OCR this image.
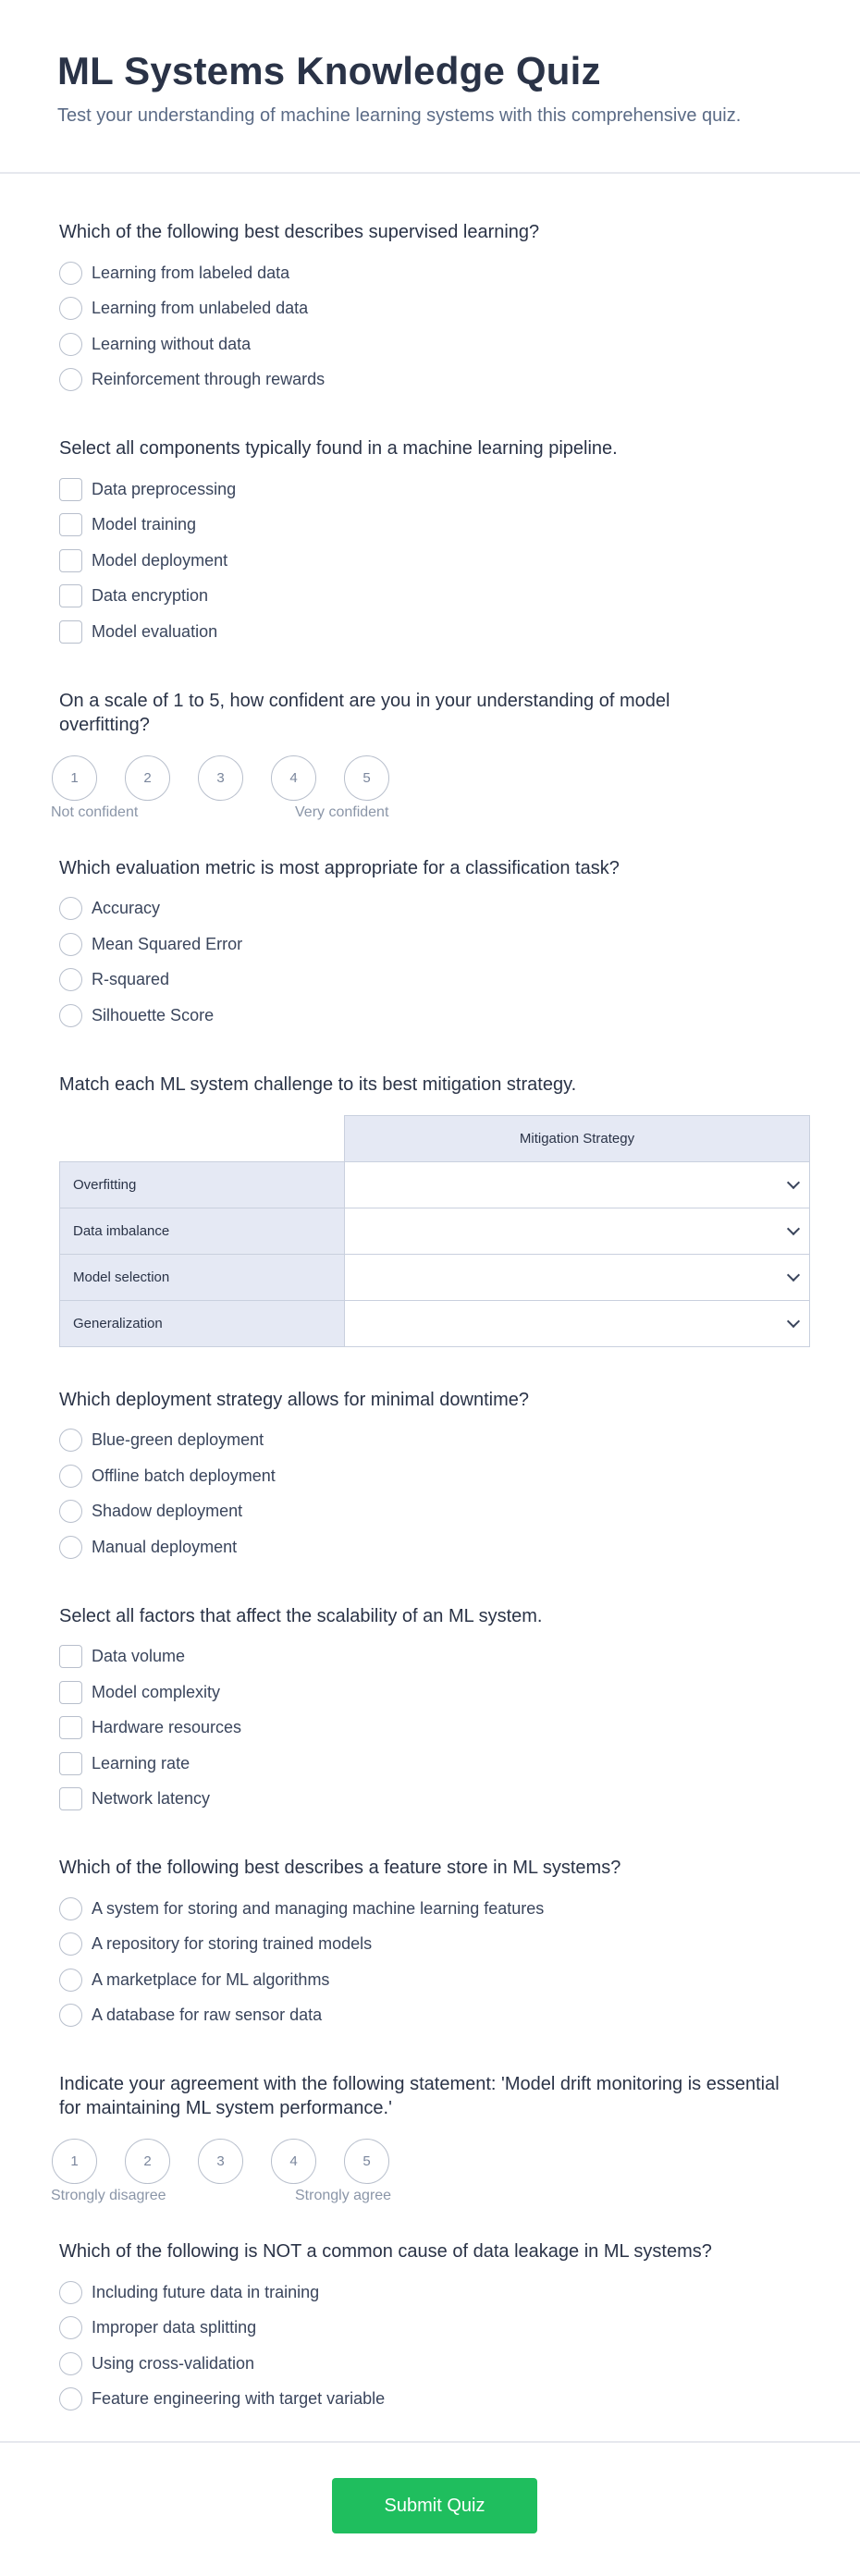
ML Systems Knowledge Quiz

Test your understanding of machine learning systems with this comprehensive quiz.

Which of the following best describes supervised learning?
Learning from labeled data
Learning from unlabeled data
Learning without data
Reinforcement through rewards
Select all components typically found in a machine learning pipeline.
Data preprocessing
Model training
Model deployment
Data encryption
Model evaluation
On a scale of 1 to 5, how confident are you in your understanding of model overfitting?
1	2	3	4	5
Not confident	Very confident
Which evaluation metric is most appropriate for a classification task?
Accuracy
Mean Squared Error
R-squared
Silhouette Score
Match each ML system challenge to its best mitigation strategy.
	Mitigation Strategy
Overfitting	

Data imbalance	

Model selection	

Generalization	
Which deployment strategy allows for minimal downtime?
Blue-green deployment
Offline batch deployment
Shadow deployment
Manual deployment
Select all factors that affect the scalability of an ML system.
Data volume
Model complexity
Hardware resources
Learning rate
Network latency
Which of the following best describes a feature store in ML systems?
A system for storing and managing machine learning features
A repository for storing trained models
A marketplace for ML algorithms
A database for raw sensor data
Indicate your agreement with the following statement: 'Model drift monitoring is essential for maintaining ML system performance.'
1	2	3	4	5
Strongly disagree	Strongly agree
Which of the following is NOT a common cause of data leakage in ML systems?
Including future data in training
Improper data splitting
Using cross-validation
Feature engineering with target variable
Submit Quiz
